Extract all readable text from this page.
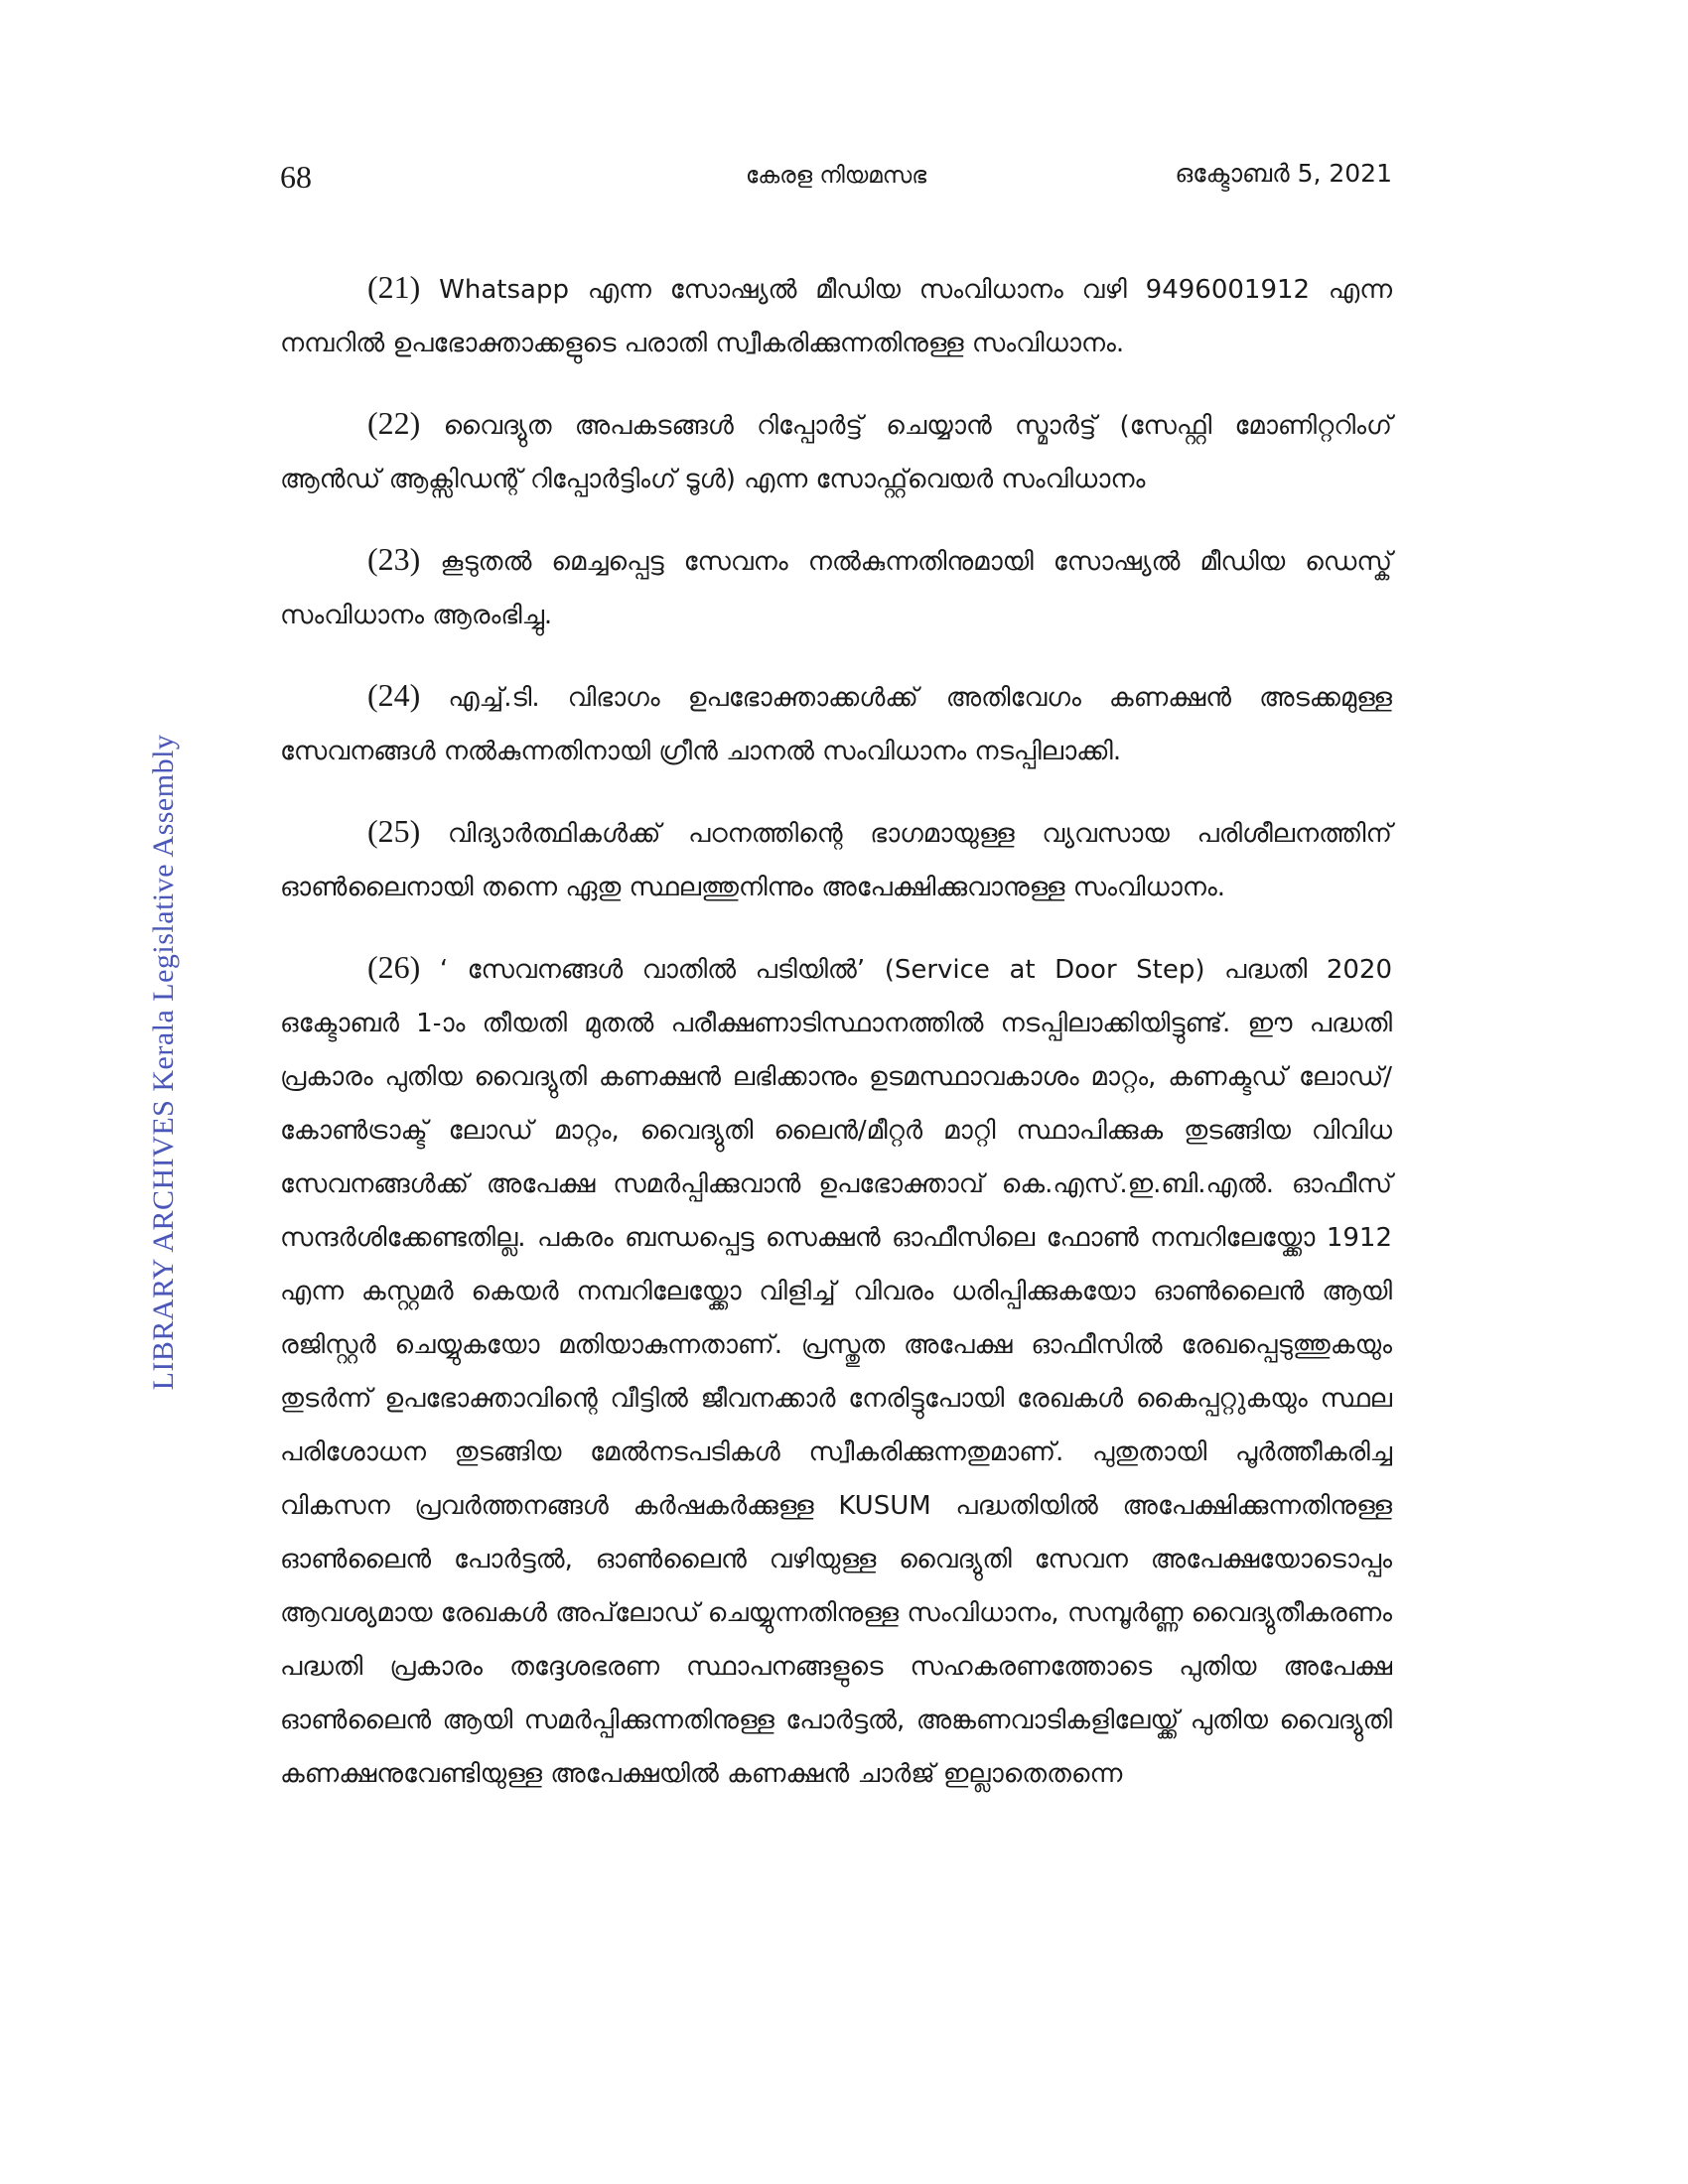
LIBRARY ARCHIVES Kerala Legislative Assembly
68	കേരള നിയമസഭ	ഒക്ടോബർ 5, 2021

(21) Whatsapp എന്ന സോഷ്യൽ മീഡിയ സംവിധാനം വഴി 9496001912 എന്ന നമ്പറിൽ ഉപഭോക്താക്കളുടെ പരാതി സ്വീകരിക്കുന്നതിനുള്ള സംവിധാനം.

(22) വൈദ്യുത അപകടങ്ങൾ റിപ്പോർട്ട് ചെയ്യാൻ സ്മാർട്ട് (സേഫ്റ്റി മോണിറ്ററിംഗ് ആൻഡ് ആക്സിഡന്റ് റിപ്പോർട്ടിംഗ് ടൂൾ) എന്ന സോഫ്റ്റ്‌വെയർ സംവിധാനം

(23) കൂടുതൽ മെച്ചപ്പെട്ട സേവനം നൽകുന്നതിനുമായി സോഷ്യൽ മീഡിയ ഡെസ്ക് സംവിധാനം ആരംഭിച്ചു.

(24) എച്ച്.ടി. വിഭാഗം ഉപഭോക്താക്കൾക്ക് അതിവേഗം കണക്ഷൻ അടക്കമുള്ള സേവനങ്ങൾ നൽകുന്നതിനായി ഗ്രീൻ ചാനൽ സംവിധാനം നടപ്പിലാക്കി.

(25) വിദ്യാർത്ഥികൾക്ക് പഠനത്തിന്റെ ഭാഗമായുള്ള വ്യവസായ പരിശീലനത്തിന് ഓൺലൈനായി തന്നെ ഏതു സ്ഥലത്തുനിന്നും അപേക്ഷിക്കുവാനുള്ള സംവിധാനം.

(26) ‘ സേവനങ്ങൾ വാതിൽ പടിയിൽ’ (Service at Door Step) പദ്ധതി 2020 ഒക്ടോബർ 1-ാം തീയതി മുതൽ പരീക്ഷണാടിസ്ഥാനത്തിൽ നടപ്പിലാക്കിയിട്ടുണ്ട്. ഈ പദ്ധതി പ്രകാരം പുതിയ വൈദ്യുതി കണക്ഷൻ ലഭിക്കാനും ഉടമസ്ഥാവകാശം മാറ്റം, കണക്ടഡ് ലോഡ്/കോൺട്രാക്ട് ലോഡ് മാറ്റം, വൈദ്യുതി ലൈൻ/മീറ്റർ മാറ്റി സ്ഥാപിക്കുക തുടങ്ങിയ വിവിധ സേവനങ്ങൾക്ക് അപേക്ഷ സമർപ്പിക്കുവാൻ ഉപഭോക്താവ് കെ.എസ്.ഇ.ബി.എൽ. ഓഫീസ് സന്ദർശിക്കേണ്ടതില്ല. പകരം ബന്ധപ്പെട്ട സെക്ഷൻ ഓഫീസിലെ ഫോൺ നമ്പറിലേയ്ക്കോ 1912 എന്ന കസ്റ്റമർ കെയർ നമ്പറിലേയ്ക്കോ വിളിച്ച് വിവരം ധരിപ്പിക്കുകയോ ഓൺലൈൻ ആയി രജിസ്റ്റർ ചെയ്യുകയോ മതിയാകുന്നതാണ്. പ്രസ്തുത അപേക്ഷ ഓഫീസിൽ രേഖപ്പെടുത്തുകയും തുടർന്ന് ഉപഭോക്താവിന്റെ വീട്ടിൽ ജീവനക്കാർ നേരിട്ടുപോയി രേഖകൾ കൈപ്പറ്റുകയും സ്ഥല പരിശോധന തുടങ്ങിയ മേൽനടപടികൾ സ്വീകരിക്കുന്നതുമാണ്. പുതുതായി പൂർത്തീകരിച്ച വികസന പ്രവർത്തനങ്ങൾ കർഷകർക്കുള്ള KUSUM പദ്ധതിയിൽ അപേക്ഷിക്കുന്നതിനുള്ള ഓൺലൈൻ പോർട്ടൽ, ഓൺലൈൻ വഴിയുള്ള വൈദ്യുതി സേവന അപേക്ഷയോടൊപ്പം ആവശ്യമായ രേഖകൾ അപ്‌ലോഡ് ചെയ്യുന്നതിനുള്ള സംവിധാനം, സമ്പൂർണ്ണ വൈദ്യുതീകരണം പദ്ധതി പ്രകാരം തദ്ദേശഭരണ സ്ഥാപനങ്ങളുടെ സഹകരണത്തോടെ പുതിയ അപേക്ഷ ഓൺലൈൻ ആയി സമർപ്പിക്കുന്നതിനുള്ള പോർട്ടൽ, അങ്കണവാടികളിലേയ്ക്ക് പുതിയ വൈദ്യുതി കണക്ഷനുവേണ്ടിയുള്ള അപേക്ഷയിൽ കണക്ഷൻ ചാർജ് ഇല്ലാതെതന്നെ
